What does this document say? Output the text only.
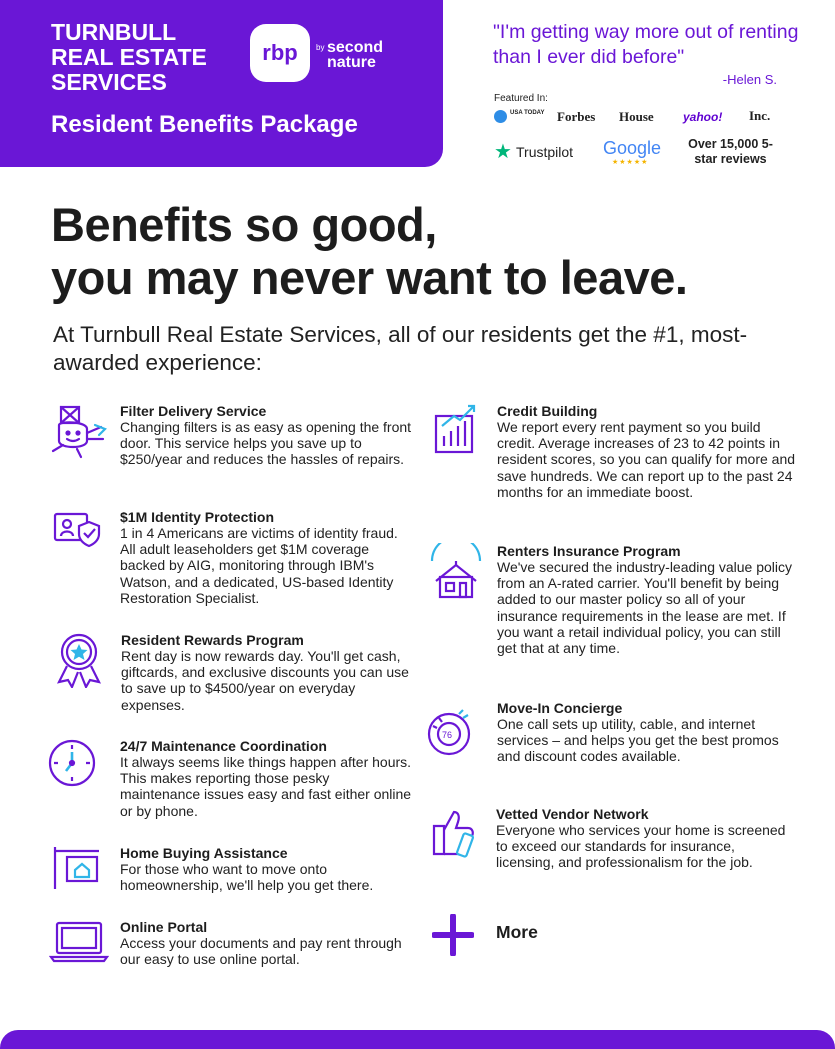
TURNBULL REAL ESTATE SERVICES
Resident Benefits Package
rbp	by second nature
"I'm getting way more out of renting than I ever did before"
-Helen S.
Featured In:
USA TODAY Forbes House yahoo! Inc.
★ Trustpilot Google
★★★★★
Over 15,000 5-star reviews
Benefits so good,
you may never want to leave.
At Turnbull Real Estate Services, all of our residents get the #1, most-awarded experience:
76
Filter Delivery Service
Changing filters is as easy as opening the front door. This service helps you save up to $250/year and reduces the hassles of repairs.
$1M Identity Protection
1 in 4 Americans are victims of identity fraud. All adult leaseholders get $1M coverage backed by AIG, monitoring through IBM's Watson, and a dedicated, US-based Identity Restoration Specialist.
Resident Rewards Program
Rent day is now rewards day. You'll get cash, giftcards, and exclusive discounts you can use to save up to $4500/year on everyday expenses.
24/7 Maintenance Coordination
It always seems like things happen after hours. This makes reporting those pesky maintenance issues easy and fast either online or by phone.
Home Buying Assistance
For those who want to move onto homeownership, we'll help you get there.
Online Portal
Access your documents and pay rent through our easy to use online portal.
Credit Building
We report every rent payment so you build credit. Average increases of 23 to 42 points in resident scores, so you can qualify for more and save hundreds. We can report up to the past 24 months for an immediate boost.
Renters Insurance Program
We've secured the industry-leading value policy from an A-rated carrier. You'll benefit by being added to our master policy so all of your insurance requirements in the lease are met. If you want a retail individual policy, you can still get that at any time.
Move-In Concierge
One call sets up utility, cable, and internet services – and helps you get the best promos and discount codes available.
Vetted Vendor Network
Everyone who services your home is screened to exceed our standards for insurance, licensing, and professionalism for the job.
More
